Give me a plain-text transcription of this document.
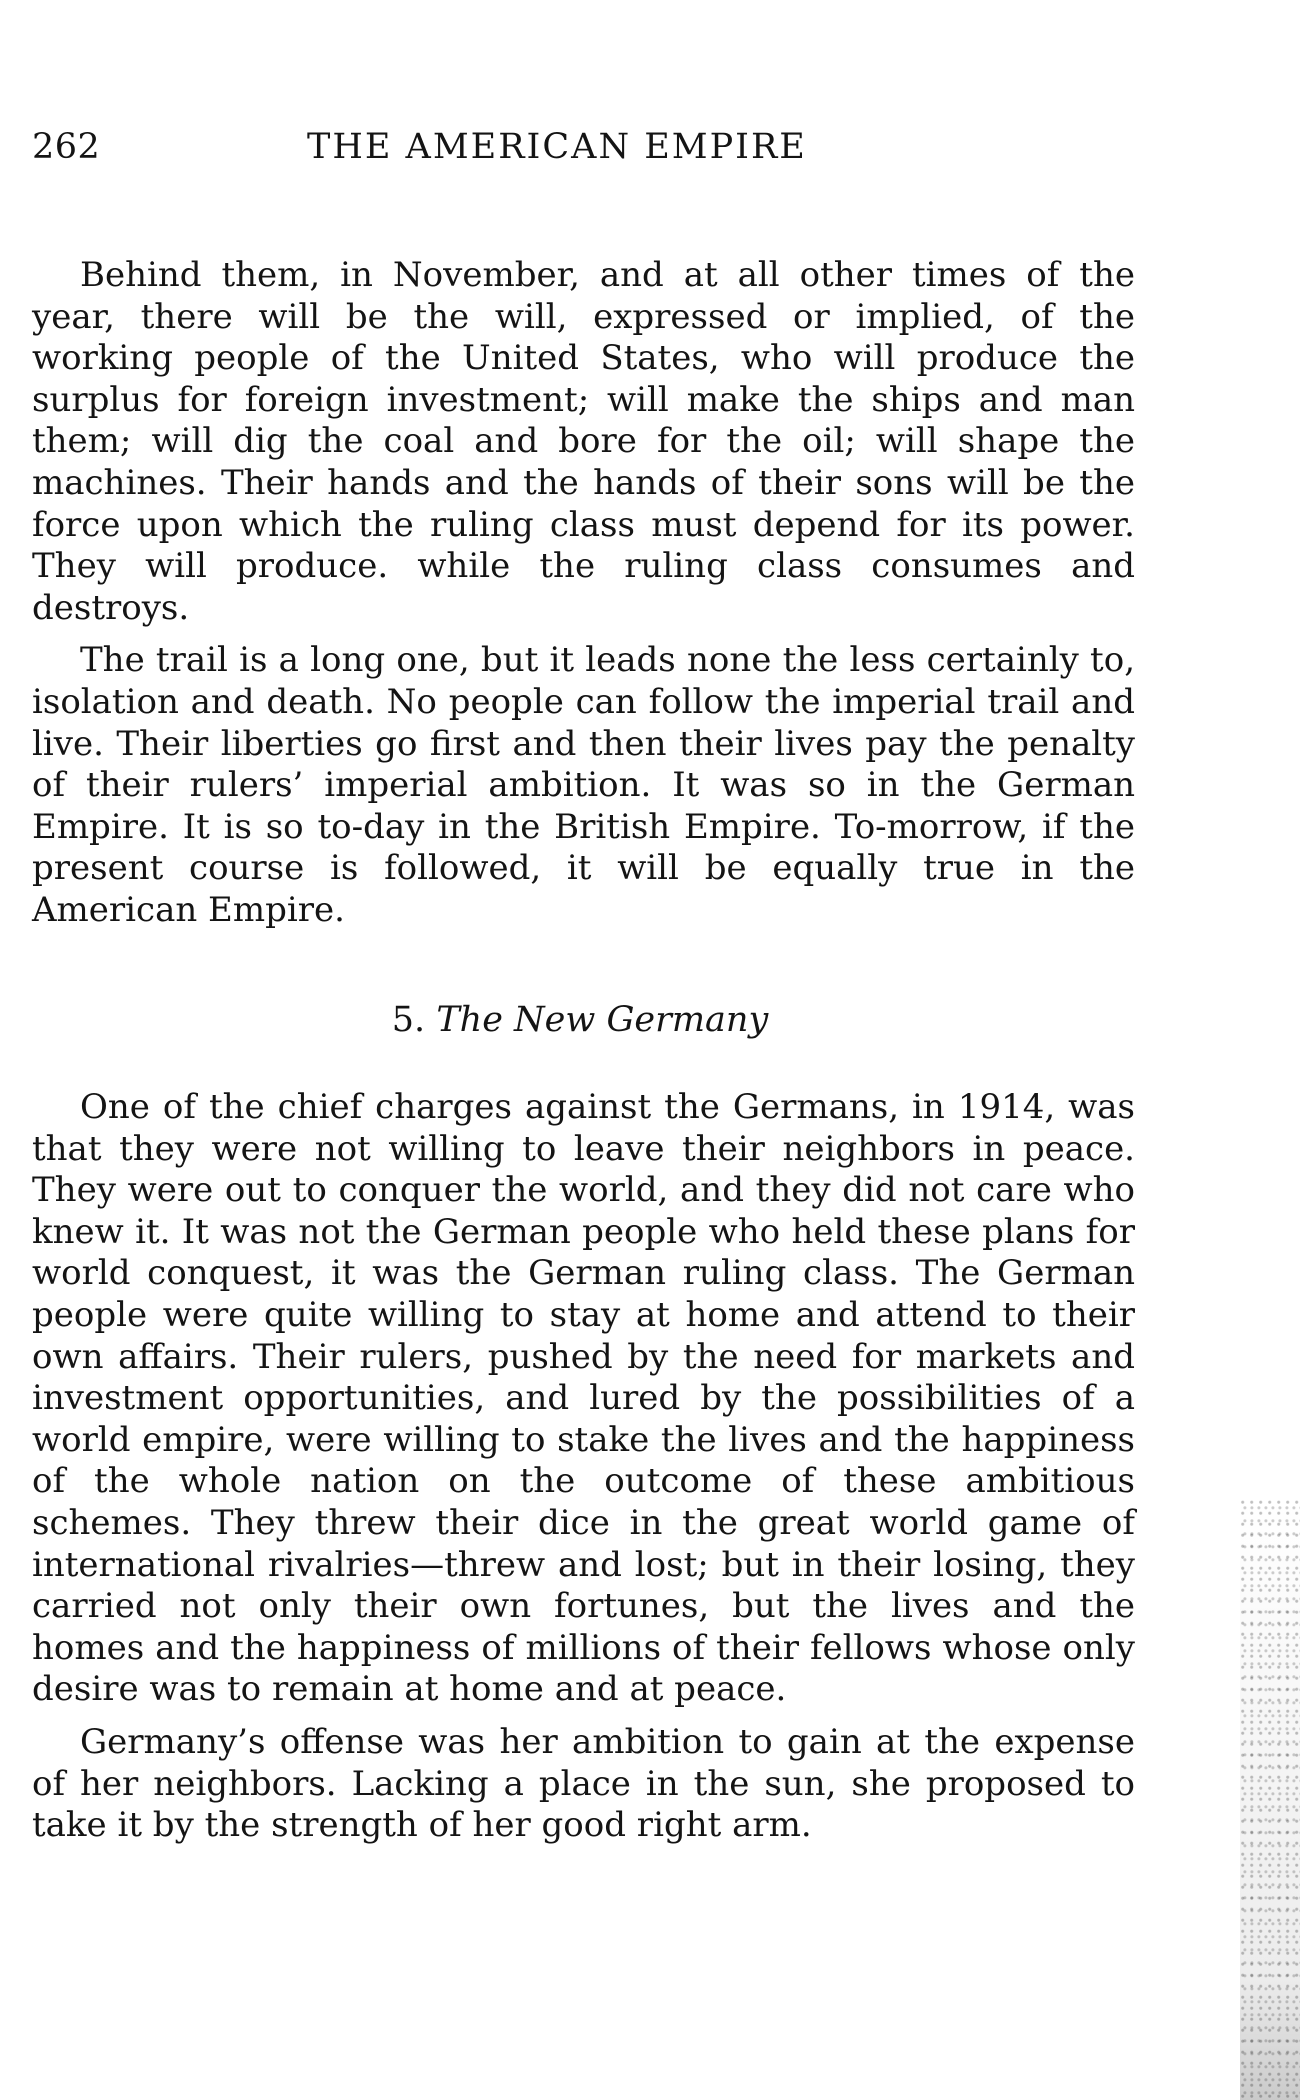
262	THE AMERICAN EMPIRE

Behind them, in November, and at all other times of the year, there will be the will, expressed or implied, of the working people of the United States, who will produce the surplus for foreign investment; will make the ships and man them; will dig the coal and bore for the oil; will shape the machines. Their hands and the hands of their sons will be the force upon which the ruling class must depend for its power. They will produce. while the ruling class consumes and destroys.

The trail is a long one, but it leads none the less certainly to, isolation and death. No people can follow the imperial trail and live. Their liberties go first and then their lives pay the penalty of their rulers’ imperial ambition. It was so in the German Empire. It is so to-day in the British Empire. To-morrow, if the present course is followed, it will be equally true in the American Empire.

5. The New Germany

One of the chief charges against the Germans, in 1914, was that they were not willing to leave their neighbors in peace. They were out to conquer the world, and they did not care who knew it. It was not the German people who held these plans for world conquest, it was the German ruling class. The German people were quite willing to stay at home and attend to their own affairs. Their rulers, pushed by the need for markets and investment opportunities, and lured by the possibilities of a world empire, were willing to stake the lives and the happiness of the whole nation on the outcome of these ambitious schemes. They threw their dice in the great world game of international rivalries—threw and lost; but in their losing, they carried not only their own fortunes, but the lives and the homes and the happiness of millions of their fellows whose only desire was to remain at home and at peace.

Germany’s offense was her ambition to gain at the expense of her neighbors. Lacking a place in the sun, she proposed to take it by the strength of her good right arm.
